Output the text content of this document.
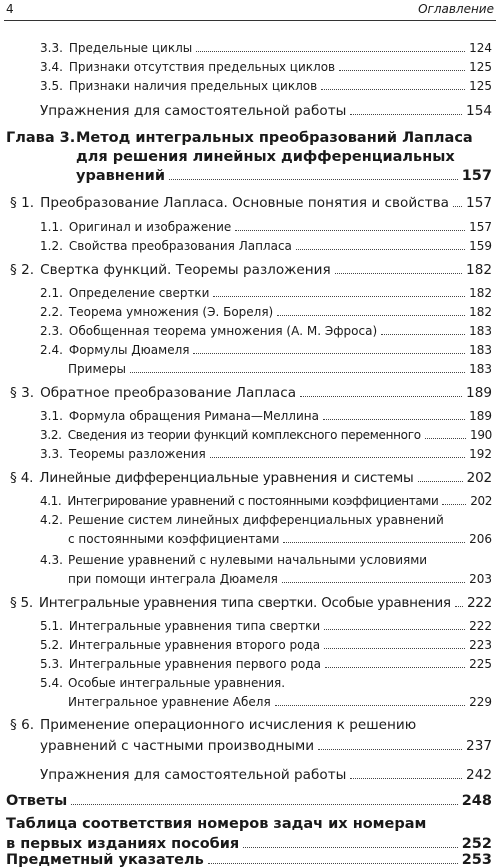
4	Оглавление
3.3. Предельные циклы	124
3.4. Признаки отсутствия предельных циклов	125
3.5. Признаки наличия предельных циклов	125
Упражнения для самостоятельной работы	154
Глава 3. Метод интегральных преобразований Лапласа
для решения линейных дифференциальных
уравнений	157
§ 1. Преобразование Лапласа. Основные понятия и свойства 157
1.1. Оригинал и изображение	157
1.2. Свойства преобразования Лапласа	159
§ 2. Свертка функций. Теоремы разложения	182
2.1. Определение свертки	182
2.2. Теорема умножения (Э. Бореля)	182
2.3. Обобщенная теорема умножения (А. М. Эфроса)	183
2.4. Формулы Дюамеля	183
Примеры	183
§ 3. Обратное преобразование Лапласа	189
3.1. Формула обращения Римана—Меллина	189
3.2. Сведения из теории функций комплексного переменного	190
3.3. Теоремы разложения	192
§ 4. Линейные дифференциальные уравнения и системы	202
4.1. Интегрирование уравнений с постоянными коэффициентами	202
4.2. Решение систем линейных дифференциальных уравнений
с постоянными коэффициентами	206
4.3. Решение уравнений с нулевыми начальными условиями
при помощи интеграла Дюамеля	203
§ 5. Интегральные уравнения типа свертки. Особые уравнения 222
5.1. Интегральные уравнения типа свертки	222
5.2. Интегральные уравнения второго рода	223
5.3. Интегральные уравнения первого рода	225
5.4. Особые интегральные уравнения.
Интегральное уравнение Абеля	229
§ 6. Применение операционного исчисления к решению
уравнений с частными производными	237
Упражнения для самостоятельной работы	242
Ответы	248
Таблица соответствия номеров задач их номерам
в первых изданиях пособия	252
Предметный указатель	253
